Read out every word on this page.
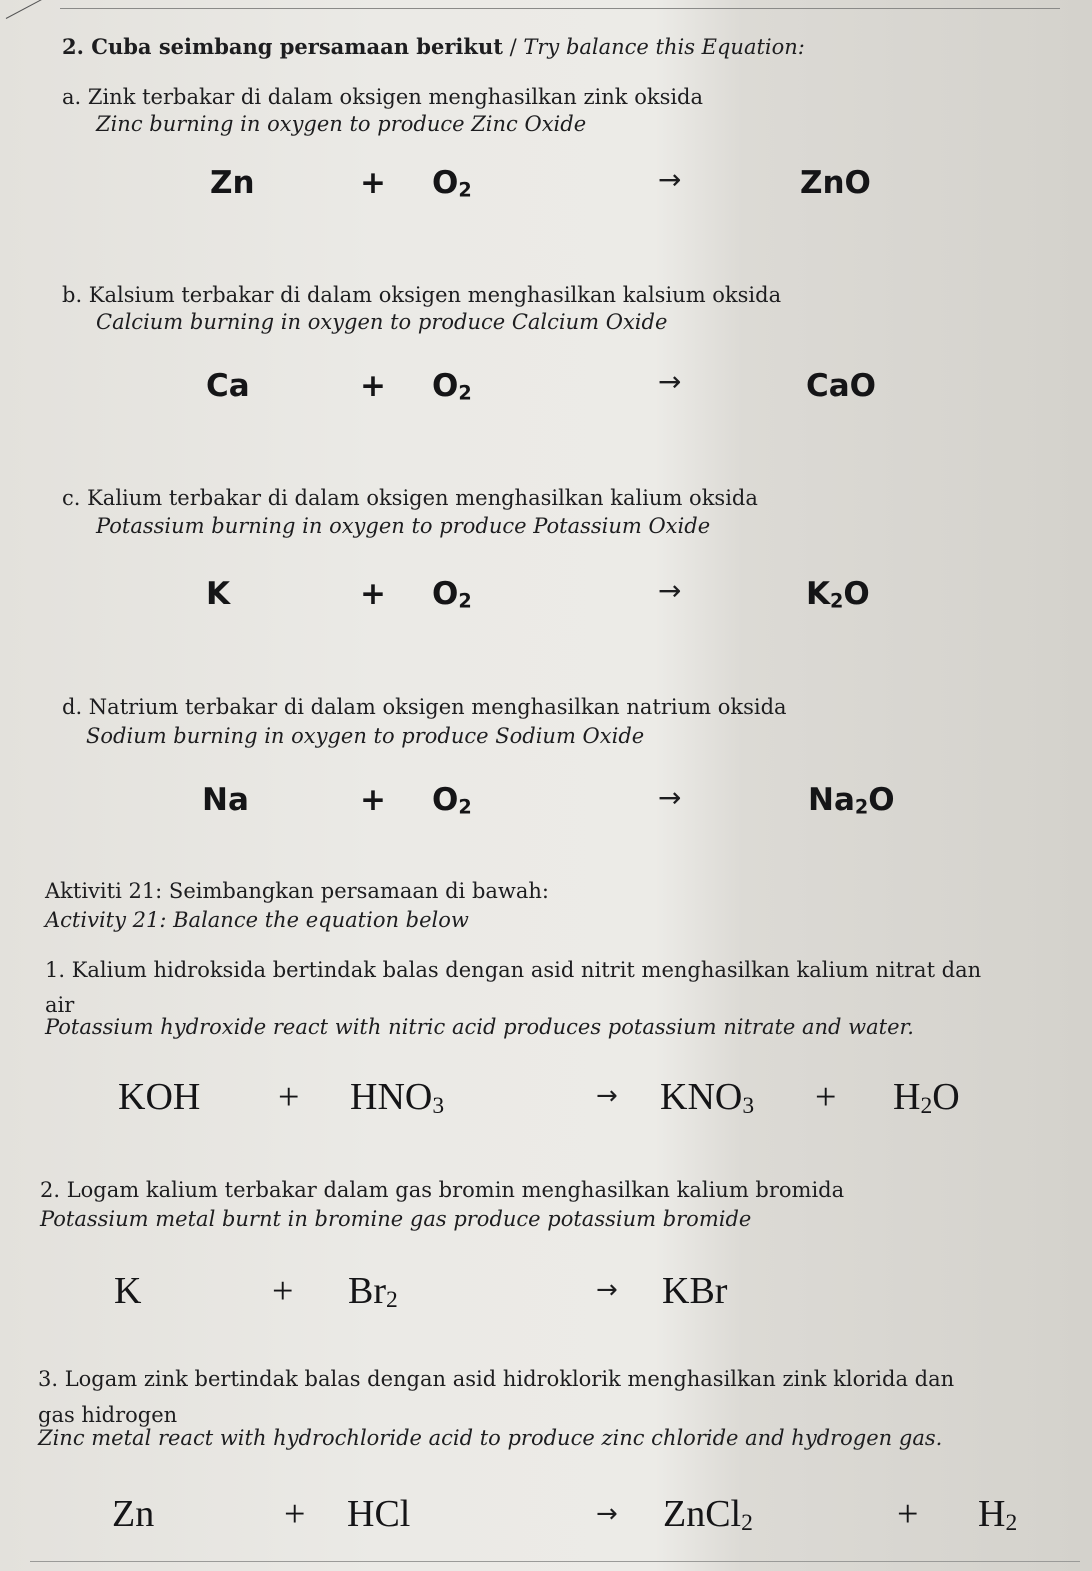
2. Cuba seimbang persamaan berikut / Try balance this Equation:
a. Zink terbakar di dalam oksigen menghasilkan zink oksida
Zinc burning in oxygen to produce Zinc Oxide
Zn	+ $O_2$	→	ZnO
b. Kalsium terbakar di dalam oksigen menghasilkan kalsium oksida
Calcium burning in oxygen to produce Calcium Oxide
Ca	+ $O_2$	→	CaO
c. Kalium terbakar di dalam oksigen menghasilkan kalium oksida
Potassium burning in oxygen to produce Potassium Oxide
K	+ $O_2$	→	$K_2O$
d. Natrium terbakar di dalam oksigen menghasilkan natrium oksida
Sodium burning in oxygen to produce Sodium Oxide
Na	+ $O_2$	→	$Na_2O$
Aktiviti 21: Seimbangkan persamaan di bawah:
Activity 21: Balance the equation below
1. Kalium hidroksida bertindak balas dengan asid nitrit menghasilkan kalium nitrat dan
air
Potassium hydroxide react with nitric acid produces potassium nitrate and water.
KOH + $HNO_3$	→ $KNO_3 + H_2O$
2. Logam kalium terbakar dalam gas bromin menghasilkan kalium bromida
Potassium metal burnt in bromine gas produce potassium bromide
K	+ $Br_2$	→ KBr
3. Logam zink bertindak balas dengan asid hidroklorik menghasilkan zink klorida dan
gas hidrogen
Zinc metal react with hydrochloride acid to produce zinc chloride and hydrogen gas.
Zn	+ HCl	→ ZnCl$_2$	+ $H_2$
